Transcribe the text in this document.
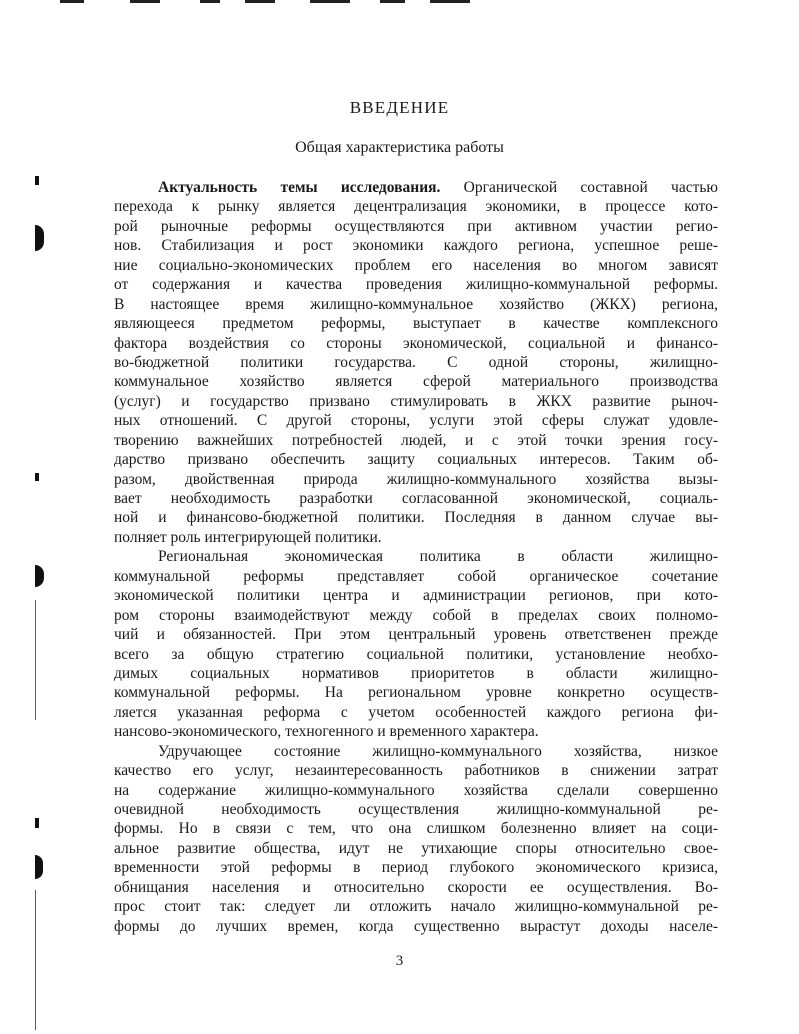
ВВЕДЕНИЕ
Общая характеристика работы
Актуальность темы исследования. Органической составной частью
перехода к рынку является децентрализация экономики, в процессе кото-
рой рыночные реформы осуществляются при активном участии регио-
нов. Стабилизация и рост экономики каждого региона, успешное реше-
ние социально-экономических проблем его населения во многом зависят
от содержания и качества проведения жилищно-коммунальной реформы.
В настоящее время жилищно-коммунальное хозяйство (ЖКХ) региона,
являющееся предметом реформы, выступает в качестве комплексного
фактора воздействия со стороны экономической, социальной и финансо-
во-бюджетной политики государства. С одной стороны, жилищно-
коммунальное хозяйство является сферой материального производства
(услуг) и государство призвано стимулировать в ЖКХ развитие рыноч-
ных отношений. С другой стороны, услуги этой сферы служат удовле-
творению важнейших потребностей людей, и с этой точки зрения госу-
дарство призвано обеспечить защиту социальных интересов. Таким об-
разом, двойственная природа жилищно-коммунального хозяйства вызы-
вает необходимость разработки согласованной экономической, социаль-
ной и финансово-бюджетной политики. Последняя в данном случае вы-
полняет роль интегрирующей политики.
Региональная экономическая политика в области жилищно-
коммунальной реформы представляет собой органическое сочетание
экономической политики центра и администрации регионов, при кото-
ром стороны взаимодействуют между собой в пределах своих полномо-
чий и обязанностей. При этом центральный уровень ответственен прежде
всего за общую стратегию социальной политики, установление необхо-
димых социальных нормативов приоритетов в области жилищно-
коммунальной реформы. На региональном уровне конкретно осуществ-
ляется указанная реформа с учетом особенностей каждого региона фи-
нансово-экономического, техногенного и временного характера.
Удручающее состояние жилищно-коммунального хозяйства, низкое
качество его услуг, незаинтересованность работников в снижении затрат
на содержание жилищно-коммунального хозяйства сделали совершенно
очевидной необходимость осуществления жилищно-коммунальной ре-
формы. Но в связи с тем, что она слишком болезненно влияет на соци-
альное развитие общества, идут не утихающие споры относительно свое-
временности этой реформы в период глубокого экономического кризиса,
обнищания населения и относительно скорости ее осуществления. Во-
прос стоит так: следует ли отложить начало жилищно-коммунальной ре-
формы до лучших времен, когда существенно вырастут доходы населе-
3
